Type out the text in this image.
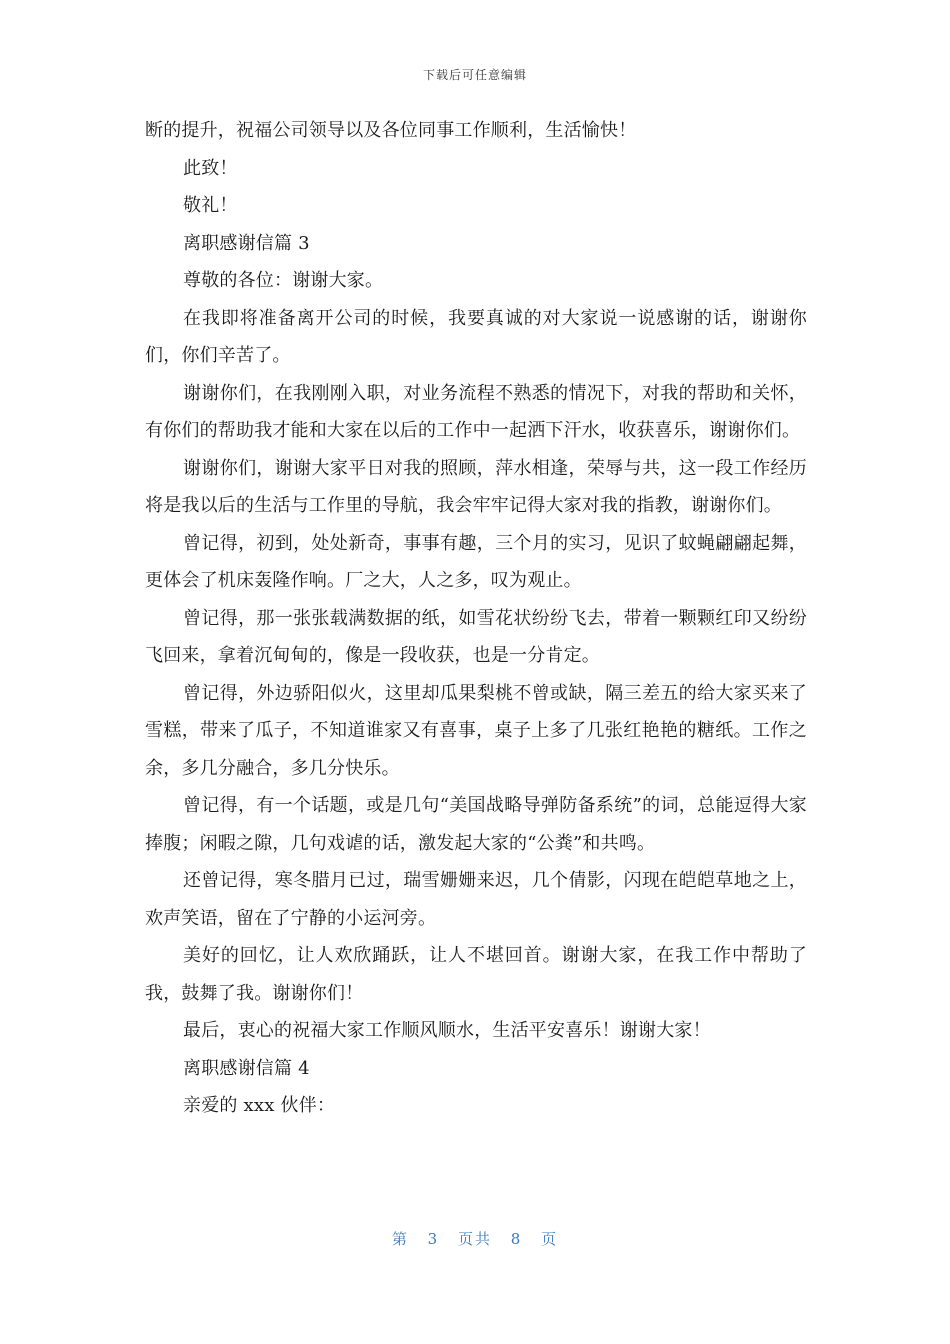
下载后可任意编辑

断的提升，祝福公司领导以及各位同事工作顺利，生活愉快！

此致！

敬礼！

离职感谢信篇 3

尊敬的各位：谢谢大家。

在我即将准备离开公司的时候，我要真诚的对大家说一说感谢的话，谢谢你们，你们辛苦了。

谢谢你们，在我刚刚入职，对业务流程不熟悉的情况下，对我的帮助和关怀，有你们的帮助我才能和大家在以后的工作中一起洒下汗水，收获喜乐，谢谢你们。

谢谢你们，谢谢大家平日对我的照顾，萍水相逢，荣辱与共，这一段工作经历将是我以后的生活与工作里的导航，我会牢牢记得大家对我的指教，谢谢你们。

曾记得，初到，处处新奇，事事有趣，三个月的实习，见识了蚊蝇翩翩起舞，更体会了机床轰隆作响。厂之大，人之多，叹为观止。

曾记得，那一张张载满数据的纸，如雪花状纷纷飞去，带着一颗颗红印又纷纷飞回来，拿着沉甸甸的，像是一段收获，也是一分肯定。

曾记得，外边骄阳似火，这里却瓜果梨桃不曾或缺，隔三差五的给大家买来了雪糕，带来了瓜子，不知道谁家又有喜事，桌子上多了几张红艳艳的糖纸。工作之余，多几分融合，多几分快乐。

曾记得，有一个话题，或是几句“美国战略导弹防备系统”的词，总能逗得大家捧腹；闲暇之隙，几句戏谑的话，激发起大家的“公粪”和共鸣。

还曾记得，寒冬腊月已过，瑞雪姗姗来迟，几个倩影，闪现在皑皑草地之上，欢声笑语，留在了宁静的小运河旁。

美好的回忆，让人欢欣踊跃，让人不堪回首。谢谢大家，在我工作中帮助了我，鼓舞了我。谢谢你们！

最后，衷心的祝福大家工作顺风顺水，生活平安喜乐！谢谢大家！

离职感谢信篇 4

亲爱的 xxx 伙伴：

第 3 页共 8 页
